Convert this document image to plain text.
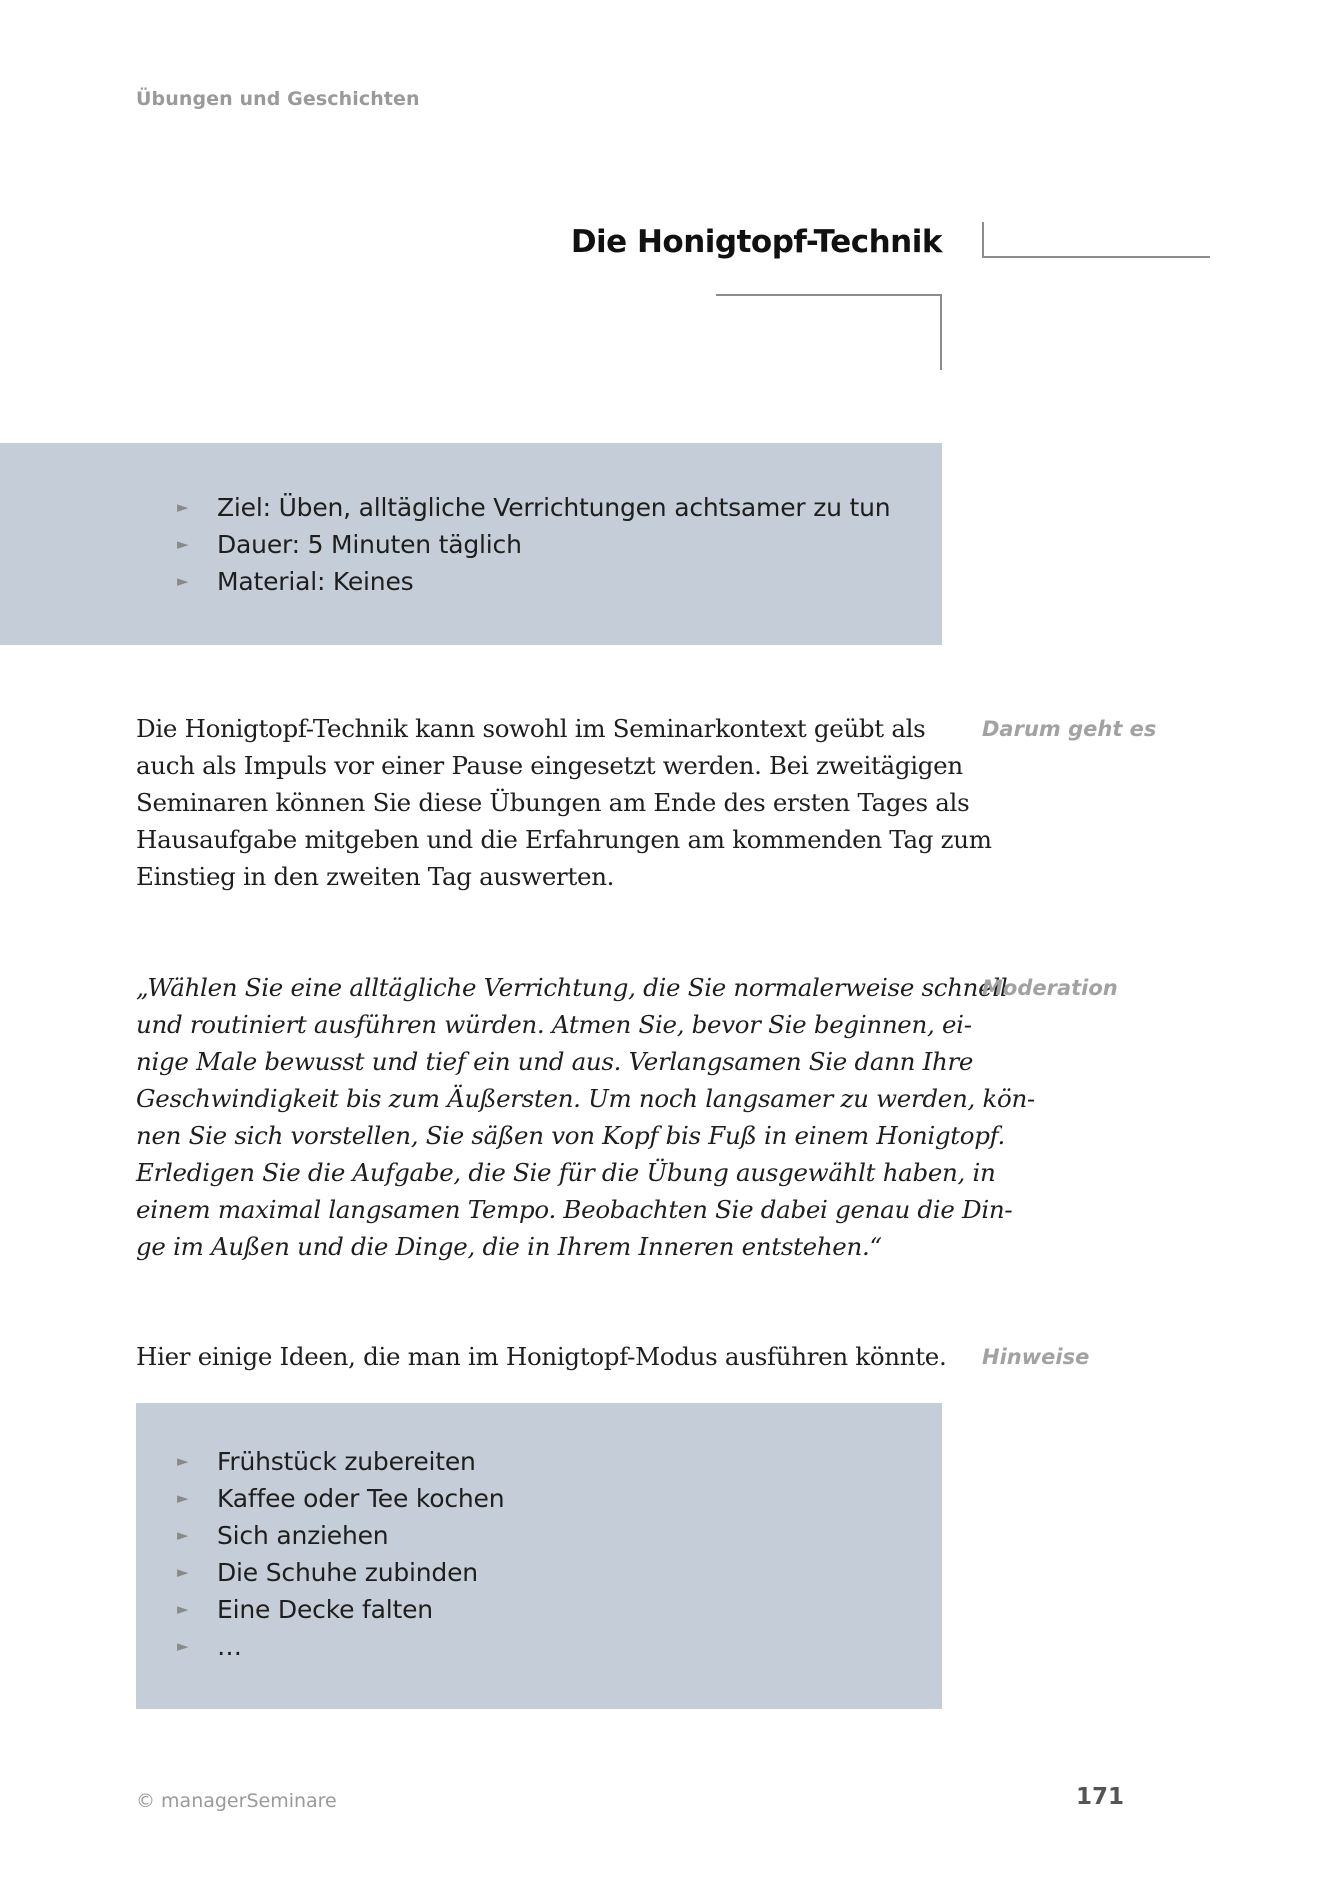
Übungen und Geschichten
Die Honigtopf-Technik
► Ziel: Üben, alltägliche Verrichtungen achtsamer zu tun
► Dauer: 5 Minuten täglich
► Material: Keines

Die Honigtopf-Technik kann sowohl im Seminarkontext geübt als
auch als Impuls vor einer Pause eingesetzt werden. Bei zweitägigen
Seminaren können Sie diese Übungen am Ende des ersten Tages als
Hausaufgabe mitgeben und die Erfahrungen am kommenden Tag zum
Einstieg in den zweiten Tag auswerten.

Darum geht es

„Wählen Sie eine alltägliche Verrichtung, die Sie normalerweise schnell
und routiniert ausführen würden. Atmen Sie, bevor Sie beginnen, ei-
nige Male bewusst und tief ein und aus. Verlangsamen Sie dann Ihre
Geschwindigkeit bis zum Äußersten. Um noch langsamer zu werden, kön-
nen Sie sich vorstellen, Sie säßen von Kopf bis Fuß in einem Honigtopf.
Erledigen Sie die Aufgabe, die Sie für die Übung ausgewählt haben, in
einem maximal langsamen Tempo. Beobachten Sie dabei genau die Din-
ge im Außen und die Dinge, die in Ihrem Inneren entstehen.“

Moderation

Hier einige Ideen, die man im Honigtopf-Modus ausführen könnte.	Hinweise
► Frühstück zubereiten
► Kaffee oder Tee kochen
► Sich anziehen
► Die Schuhe zubinden
► Eine Decke falten
► …
© managerSeminare	171
